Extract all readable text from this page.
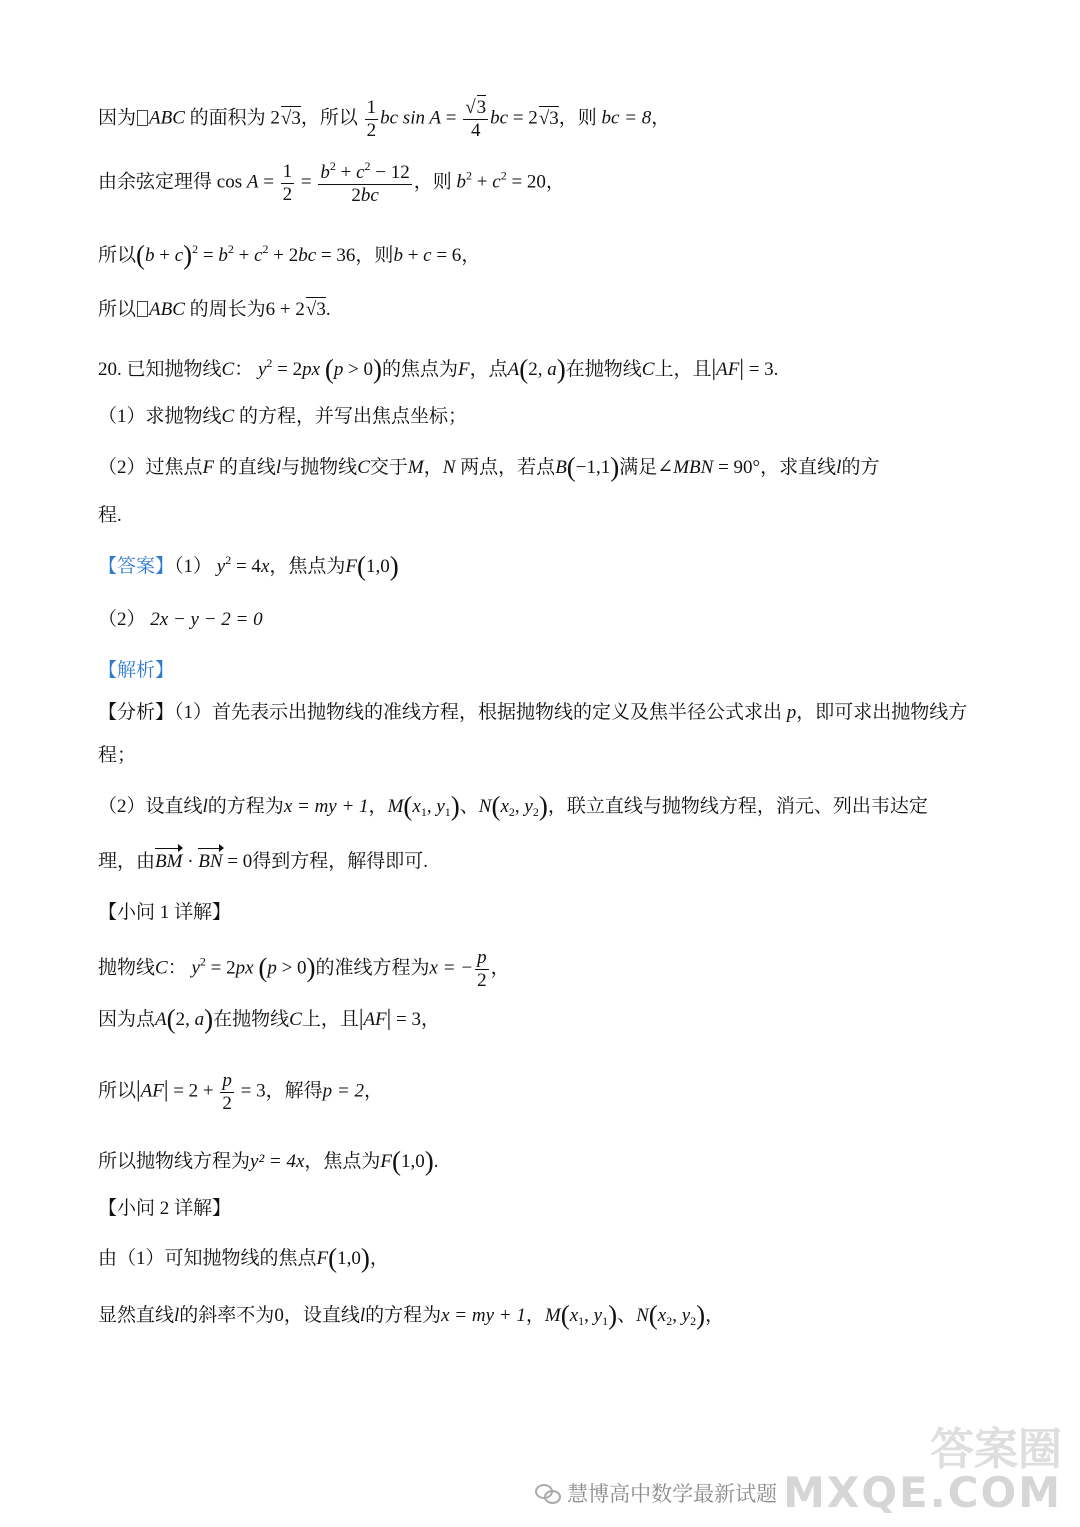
因为 ABC 的面积为 2√3，所以 $\frac{1}{2}$ bc $\sin A = \frac{√3}{4}$ bc = 2√3，则 bc = 8，
由余弦定理得 $\cos A = \frac{1}{2} = \frac{b^2 + c^2 - 12}{2bc}$ ，则 $b^2 + c^2 = 20$，
所以$(b + c)^2 = b^2 + c^2 + 2bc = 36$，则b + c = 6，
所以 ABC 的周长为6 + 2√3.
20. 已知抛物线C： $y^2 = 2px$ (p > 0)的焦点为F，点A(2, a)在抛物线C上，且|AF| = 3.
（1）求抛物线C 的方程，并写出焦点坐标；
（2）过焦点F 的直线l与抛物线C交于M，N 两点，若点B(−1,1)满足∠MBN = 90°，求直线l的方
程.
【答案】（1） $y^2 = 4x$，焦点为F(1,0)
（2） 2x − y − 2 = 0
【解析】
【分析】（1）首先表示出抛物线的准线方程，根据抛物线的定义及焦半径公式求出 p，即可求出抛物线方
程；
（2）设直线l的方程为x = my + 1，$M(x_1$, $y_1$)、$N(x_2$, $y_2$)，联立直线与抛物线方程，消元、列出韦达定
理，由BM · BN = 0得到方程，解得即可.
【小问 1 详解】
抛物线C： $y^2 = 2px$ (p > 0)的准线方程为x = − $\frac{p}{2}$ ，
因为点A(2, a)在抛物线C上，且|AF| = 3，
所以$|AF| = 2 + \frac{p}{2} = 3$，解得p = 2，
所以抛物线方程为y² = 4x，焦点为F(1,0).
【小问 2 详解】
由（1）可知抛物线的焦点F(1,0)，
显然直线l的斜率不为0，设直线l的方程为x = my + 1，$M(x_1$, $y_1$)、$N(x_2$, $y_2$)，
答案圈
慧博高中数学最新试题 MXQE.COM
